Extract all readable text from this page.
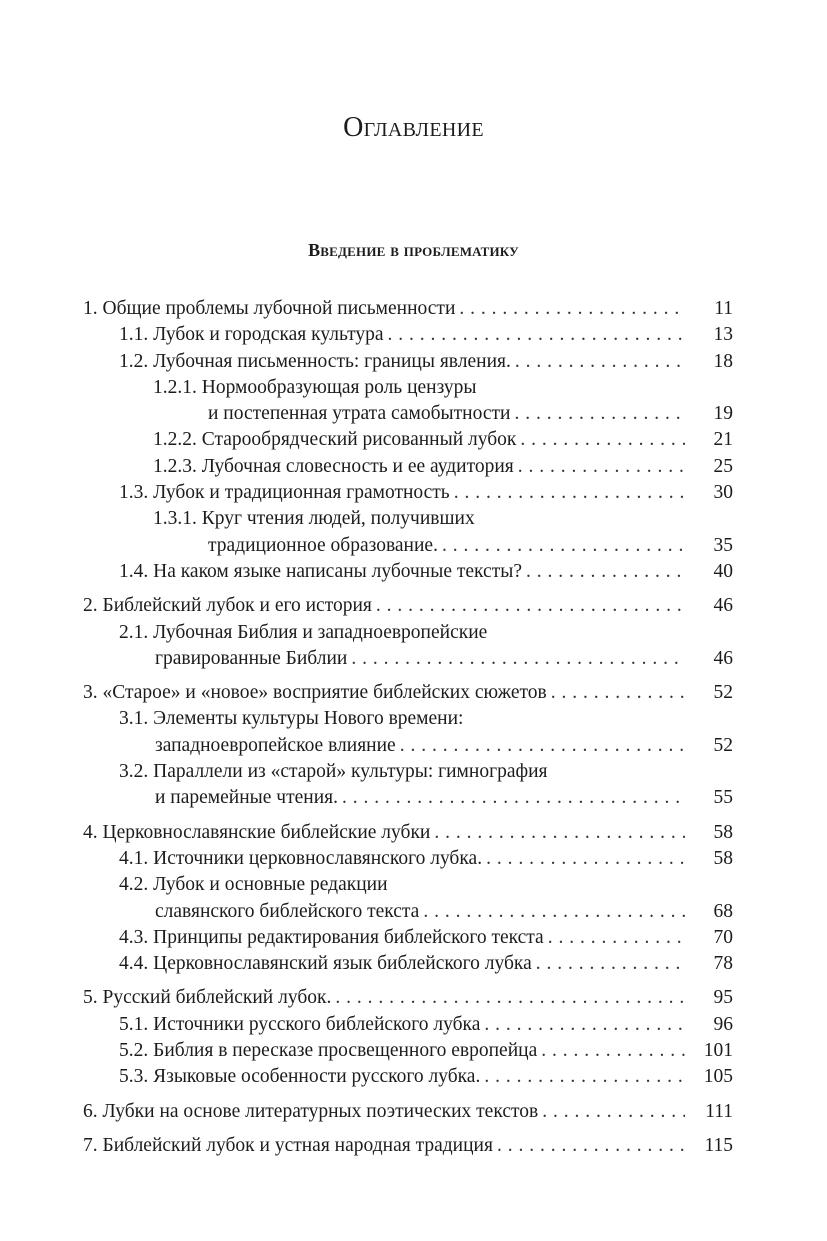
Оглавление
Введение в проблематику
1. Общие проблемы лубочной письменности . . .	11
1.1. Лубок и городская культура . . .	13
1.2. Лубочная письменность: границы явления. . . .	18
1.2.1. Нормообразующая роль цензуры
и постепенная утрата самобытности . . .	19
1.2.2. Старообрядческий рисованный лубок . . .	21
1.2.3. Лубочная словесность и ее аудитория . . .	25
1.3. Лубок и традиционная грамотность . . .	30
1.3.1. Круг чтения людей, получивших
традиционное образование. . . .	35
1.4. На каком языке написаны лубочные тексты? . . .	40
2. Библейский лубок и его история . . .	46
2.1. Лубочная Библия и западноевропейские
гравированные Библии . . .	46
3. «Старое» и «новое» восприятие библейских сюжетов . . .	52
3.1. Элементы культуры Нового времени:
западноевропейское влияние . . .	52
3.2. Параллели из «старой» культуры: гимнография
и паремейные чтения. . . .	55
4. Церковнославянские библейские лубки . . .	58
4.1. Источники церковнославянского лубка. . . .	58
4.2. Лубок и основные редакции
славянского библейского текста . . .	68
4.3. Принципы редактирования библейского текста . . .	70
4.4. Церковнославянский язык библейского лубка . . .	78
5. Русский библейский лубок. . . .	95
5.1. Источники русского библейского лубка . . .	96
5.2. Библия в пересказе просвещенного европейца . . .	101
5.3. Языковые особенности русского лубка. . . .	105
6. Лубки на основе литературных поэтических текстов . . .	111
7. Библейский лубок и устная народная традиция . . .	115
